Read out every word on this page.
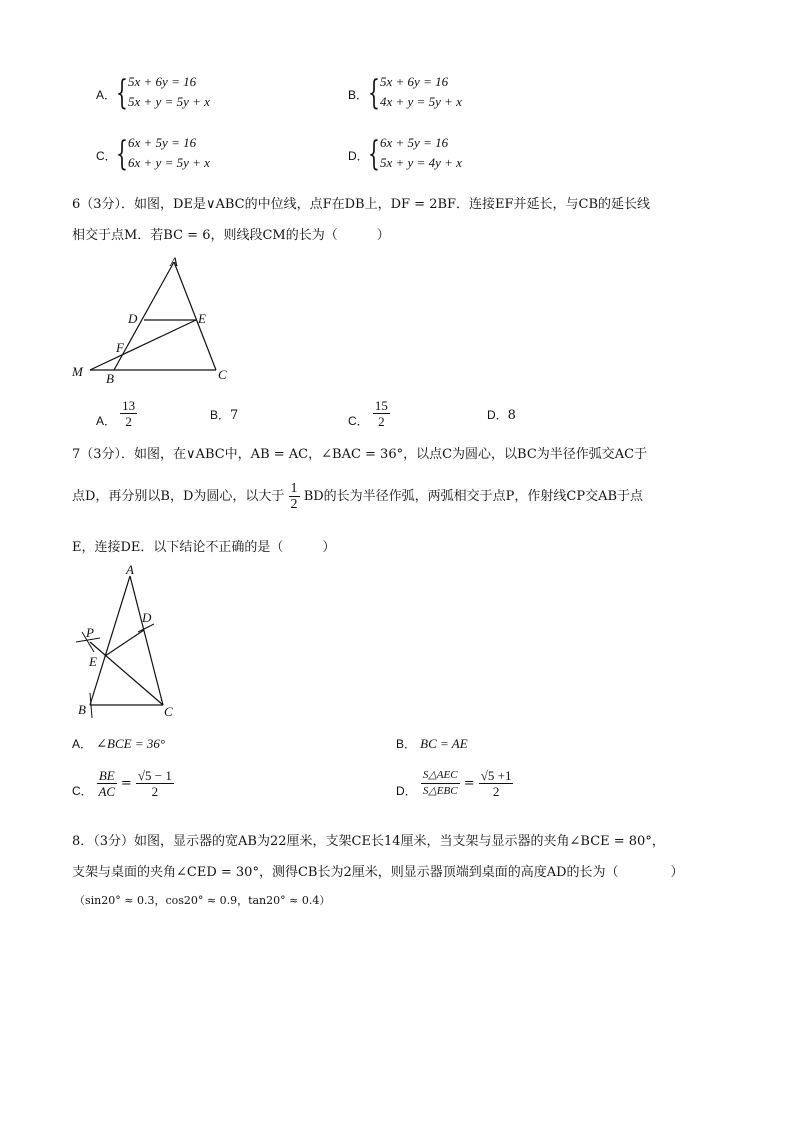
A． { 5x + 6y = 16
5x + y = 5y + x	B． { 5x + 6y = 16
4x + y = 5y + x
C． { 6x + 5y = 16
6x + y = 5y + x	D． { 6x + 5y = 16
5x + y = 4y + x
6（3分）．如图，DE是∨ABC的中位线，点F在DB上，DF = 2BF．连接EF并延长，与CB的延长线
相交于点M．若BC = 6，则线段CM的长为（　　　）
A
D	E
F
M B	C
A． $\frac{13}{2}$	B．7	C． $\frac{15}{2}$	D．8
7（3分）．如图，在∨ABC中，AB = AC，∠BAC = 36°，以点C为圆心，以BC为半径作弧交AC于
点D，再分别以B，D为圆心，以大于 $\frac{1}{2}$ BD的长为半径作弧，两弧相交于点P，作射线CP交AB于点
E，连接DE．以下结论不正确的是（　　　）
A
D
P
E
B	C
A． ∠BCE = 36°	B． BC = AE
C． $\frac{BE}{AC} = \frac{√5 - 1}{2}$	D． $\frac{\text{S△AEC}}{\text{S△EBC}} = \frac{√5 +1}{2}$
8．（3分）如图，显示器的宽AB为22厘米，支架CE长14厘米，当支架与显示器的夹角∠BCE = 80°，
支架与桌面的夹角∠CED = 30°，测得CB长为2厘米，则显示器顶端到桌面的高度AD的长为（　　　　）
（sin20° ≈ 0.3，cos20° ≈ 0.9，tan20° ≈ 0.4）
